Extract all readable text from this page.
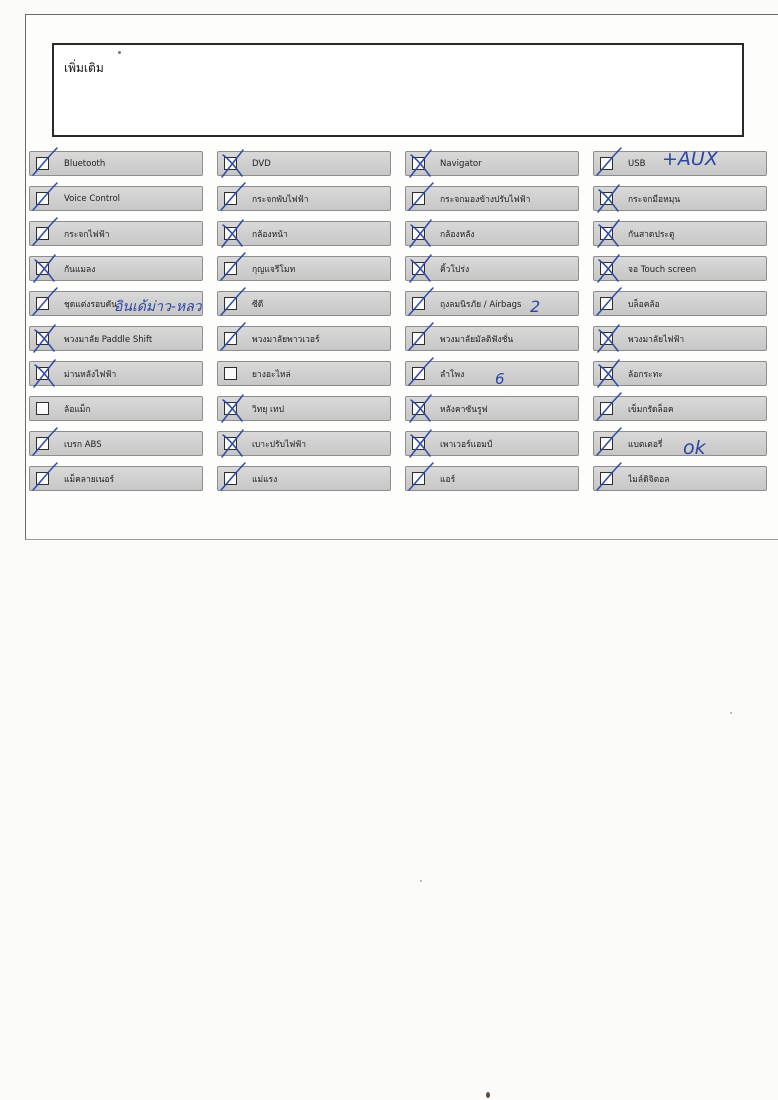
เพิ่มเติม
Bluetooth	DVD	Navigator	USB
Voice Control	กระจกพับไฟฟ้า	กระจกมองข้างปรับไฟฟ้า	กระจกมือหมุน
กระจกไฟฟ้า	กล้องหน้า	กล้องหลัง	กันสาดประตู
กันแมลง	กุญแจรีโมท	คิ้วโปร่ง	จอ Touch screen
ชุดแต่งรอบคัน	ซีดี	ถุงลมนิรภัย / Airbags	บล็อคล้อ
พวงมาลัย Paddle Shift	พวงมาลัยพาวเวอร์	พวงมาลัยมัลติฟังชั่น	พวงมาลัยไฟฟ้า
ม่านหลังไฟฟ้า	ยางอะไหล่	ลำโพง	ล้อกระทะ
ล้อแม็ก	วิทยุ เทป	หลังคาซันรูฟ	เข็มกรัดล็อค
เบรก ABS	เบาะปรับไฟฟ้า	เพาเวอร์แอมป์	แบตเตอรี่
แม็คลายเนอร์	แม่แรง	แอร์	ไมล์ดิจิตอล
+AUX
อินเด้ม่าว-หลว	2
6
ok
